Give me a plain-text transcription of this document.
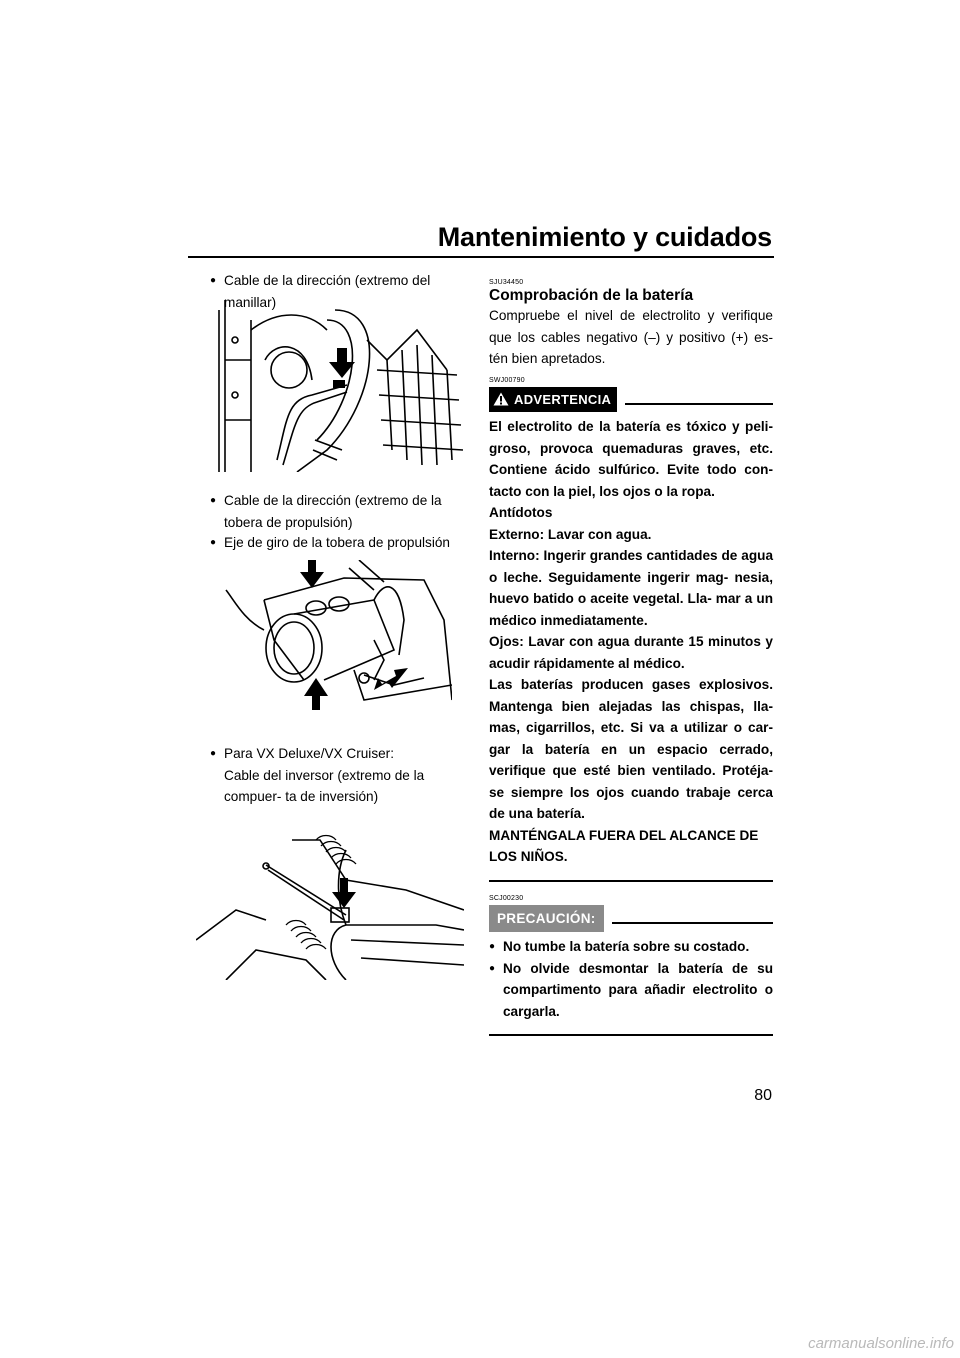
Mantenimiento y cuidados
● Cable de la dirección (extremo del manillar)
● Cable de la dirección (extremo de la tobera de propulsión)
● Eje de giro de la tobera de propulsión
● Para VX Deluxe/VX Cruiser:
Cable del inversor (extremo de la compuer- ta de inversión)
SJU34450
Comprobación de la batería
Compruebe el nivel de electrolito y verifique que los cables negativo (–) y positivo (+) es- tén bien apretados.
SWJ00790
ADVERTENCIA
El electrolito de la batería es tóxico y peli- groso, provoca quemaduras graves, etc. Contiene ácido sulfúrico. Evite todo con- tacto con la piel, los ojos o la ropa.
Antídotos
Externo: Lavar con agua.
Interno: Ingerir grandes cantidades de agua o leche. Seguidamente ingerir mag- nesia, huevo batido o aceite vegetal. Lla- mar a un médico inmediatamente.
Ojos: Lavar con agua durante 15 minutos y acudir rápidamente al médico.
Las baterías producen gases explosivos. Mantenga bien alejadas las chispas, lla- mas, cigarrillos, etc. Si va a utilizar o car- gar la batería en un espacio cerrado, verifique que esté bien ventilado. Protéja- se siempre los ojos cuando trabaje cerca de una batería.
MANTÉNGALA FUERA DEL ALCANCE DE LOS NIÑOS.
SCJ00230
PRECAUCIÓN:
● No tumbe la batería sobre su costado.
● No olvide desmontar la batería de su compartimento para añadir electrolito o cargarla.
80
carmanualsonline.info
